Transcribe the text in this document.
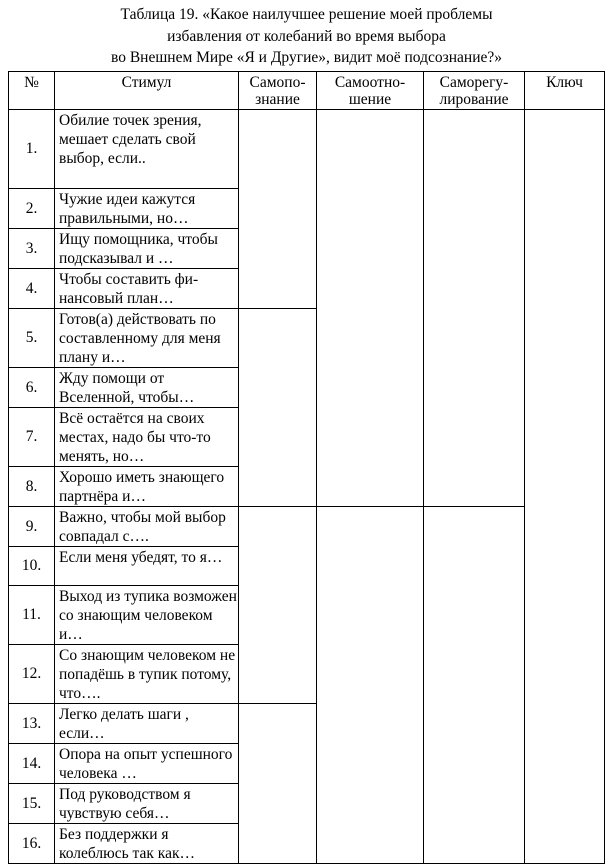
Таблица 19. «Какое наилучшее решение моей проблемы
избавления от колебаний во время выбора
во Внешнем Мире «Я и Другие», видит моё подсознание?»
№	Стимул	Самопо-знание	Самоотно-шение	Саморегу-лирование	Ключ
1.	Обилие точек зрения, мешает сделать свой выбор, если..				
2.	Чужие идеи кажутся правильными, но…				
3.	Ищу помощника, чтобы подсказывал и …				
4.	Чтобы составить фи-нансовый план…				
5.	Готов(а) действовать по составленному для меня плану и…				
6.	Жду помощи от Вселенной, чтобы…				
7.	Всё остаётся на своих местах, надо бы что-то менять, но…				
8.	Хорошо иметь знающего партнёра и…				
9.	Важно, чтобы мой выбор совпадал с….				
10.	Если меня убедят, то я…				
11.	Выход из тупика возможен со знающим человеком и…				
12.	Со знающим человеком не попадёшь в тупик потому, что….				
13.	Легко делать шаги , если…				
14.	Опора на опыт успешного человека …				
15.	Под руководством я чувствую себя…				
16.	Без поддержки я колеблюсь так как…				
